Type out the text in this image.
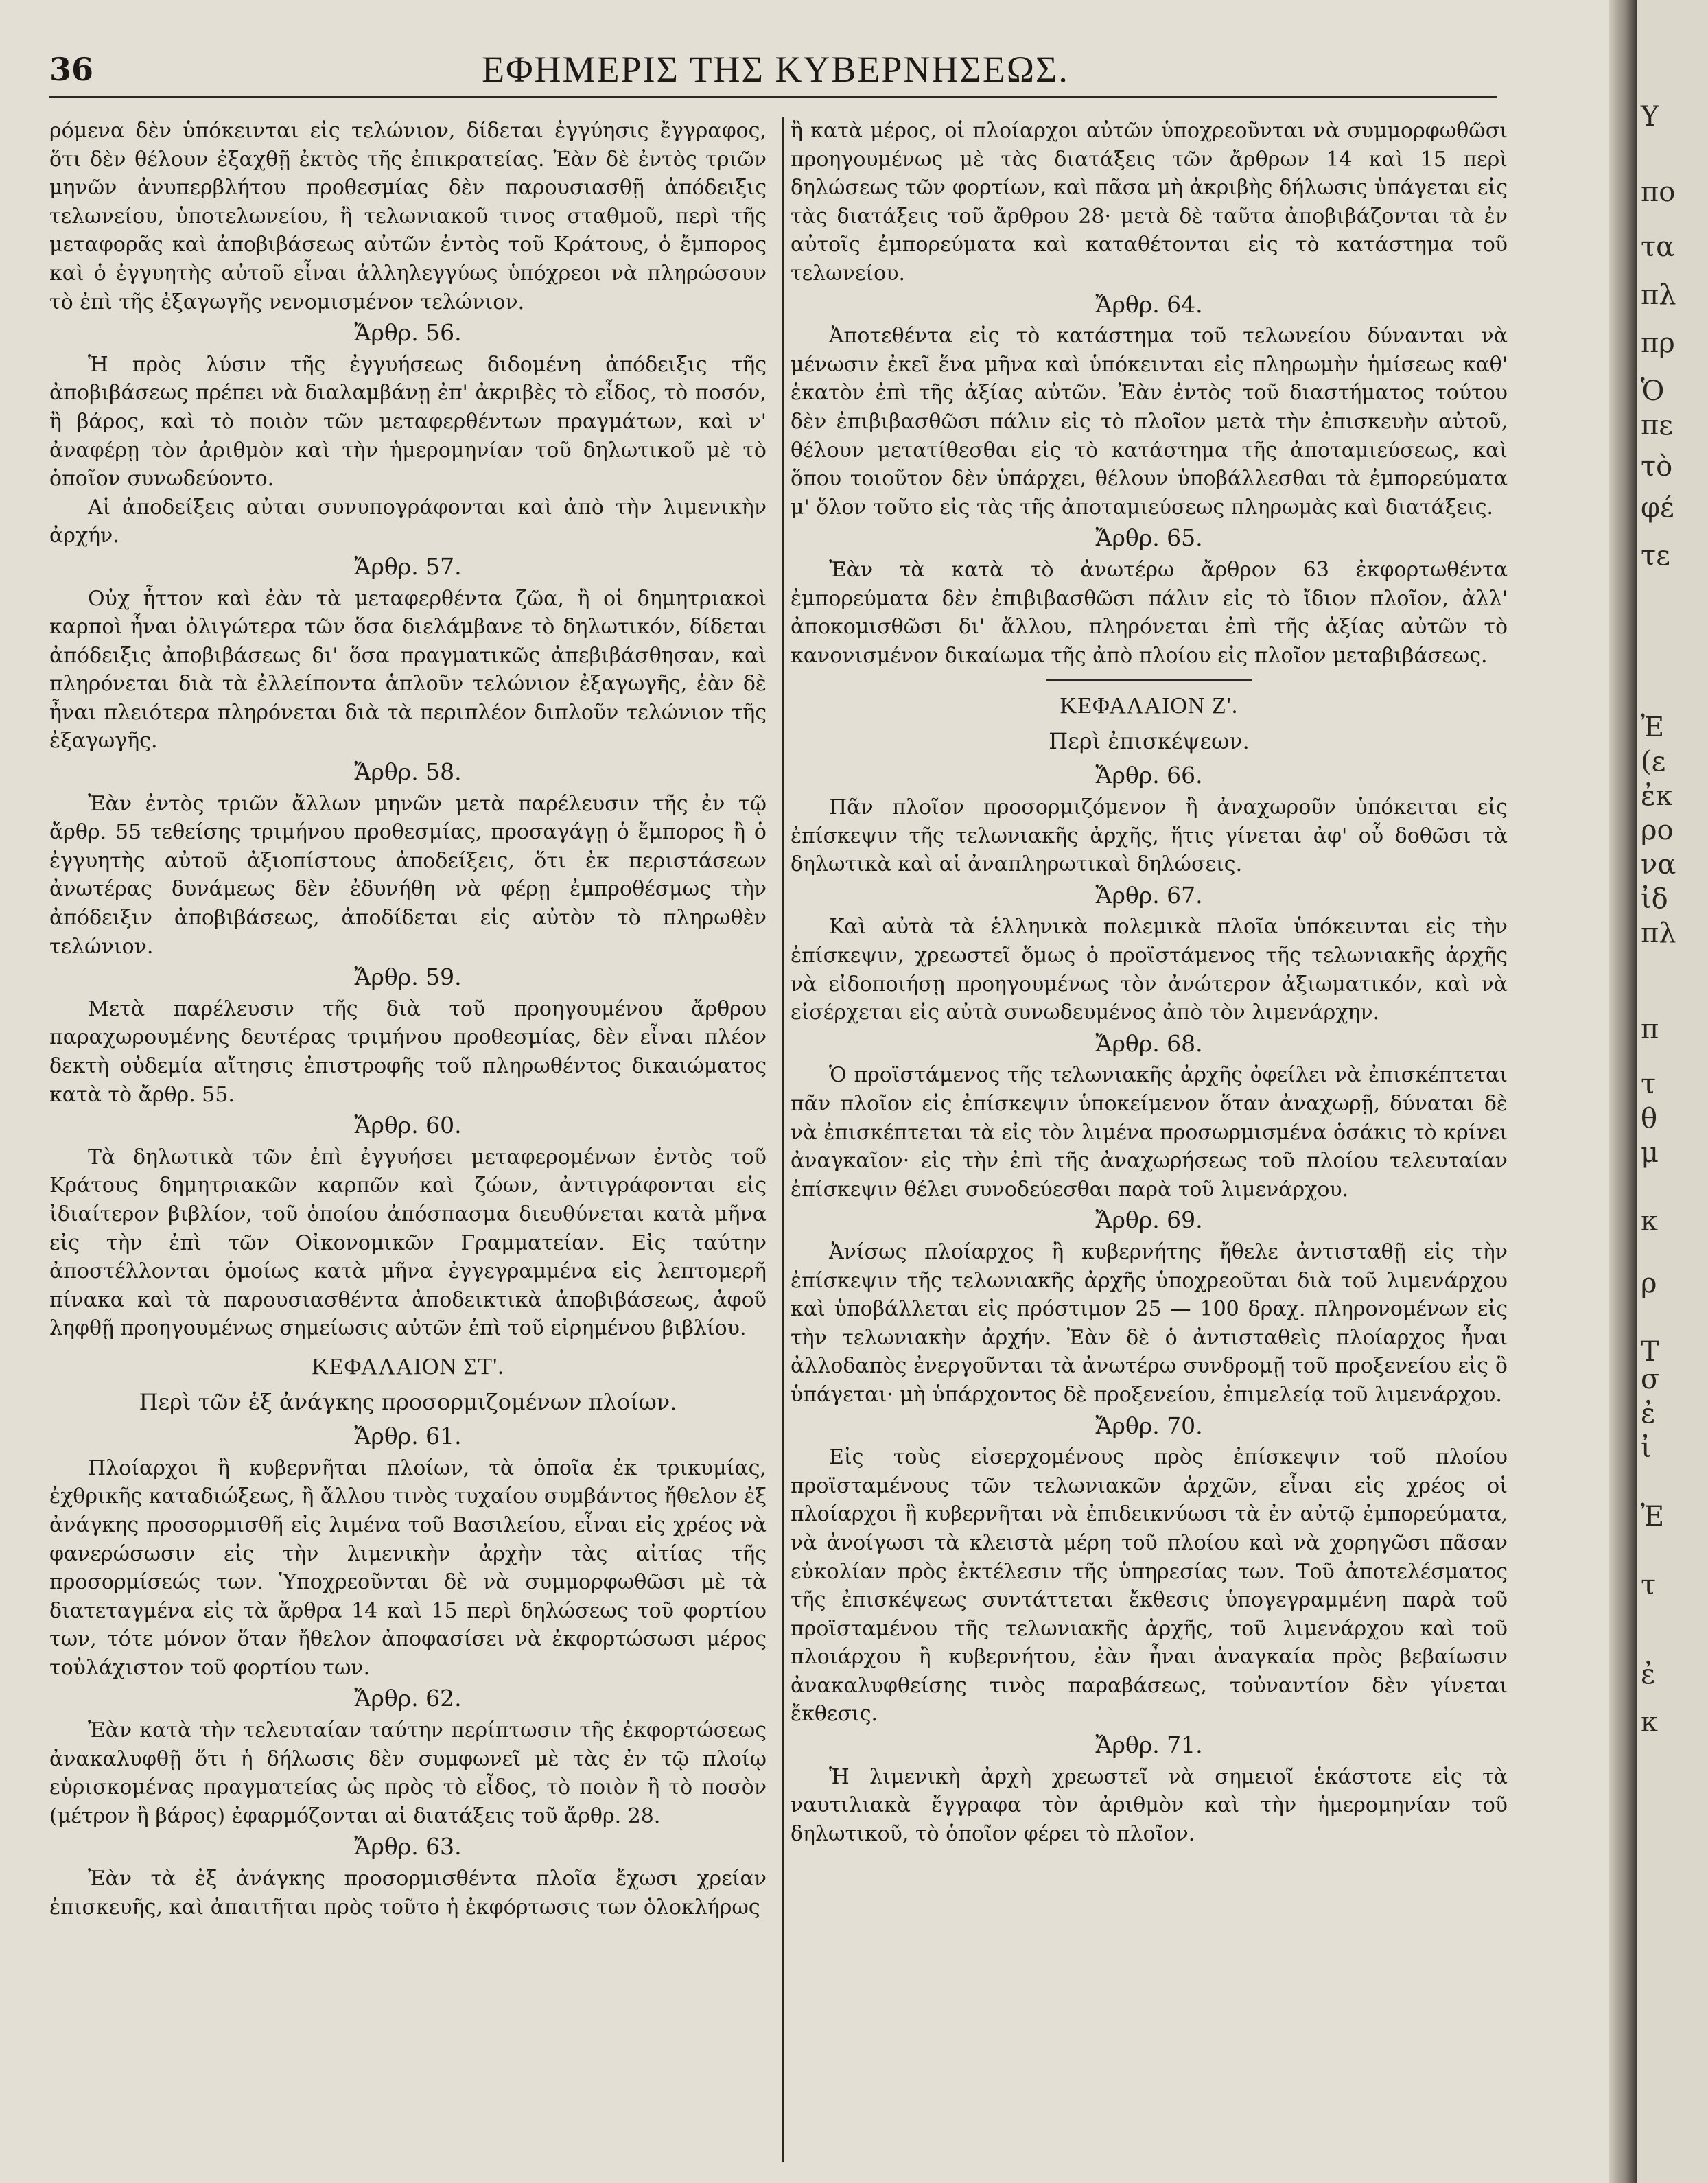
36	ΕΦΗΜΕΡΙΣ ΤΗΣ ΚΥΒΕΡΝΗΣΕΩΣ.

ρόμενα δὲν ὑπόκεινται εἰς τελώνιον, δίδεται ἐγγύησις ἔγγραφος, ὅτι δὲν θέλουν ἐξαχθῇ ἐκτὸς τῆς ἐπικρατείας. Ἐὰν δὲ ἐντὸς τριῶν μηνῶν ἀνυπερβλήτου προθεσμίας δὲν παρουσιασθῇ ἀπόδειξις τελωνείου, ὑποτελωνείου, ἢ τελωνιακοῦ τινος σταθμοῦ, περὶ τῆς μεταφορᾶς καὶ ἀποβιβάσεως αὐτῶν ἐντὸς τοῦ Κράτους, ὁ ἔμπορος καὶ ὁ ἐγγυητὴς αὐτοῦ εἶναι ἀλληλεγγύως ὑπόχρεοι νὰ πληρώσουν τὸ ἐπὶ τῆς ἐξαγωγῆς νενομισμένον τελώνιον.

Ἄρθρ. 56.

Ἡ πρὸς λύσιν τῆς ἐγγυήσεως διδομένη ἀπόδειξις τῆς ἀποβιβάσεως πρέπει νὰ διαλαμβάνῃ ἐπ' ἀκριβὲς τὸ εἶδος, τὸ ποσόν, ἢ βάρος, καὶ τὸ ποιὸν τῶν μεταφερθέντων πραγμάτων, καὶ ν' ἀναφέρῃ τὸν ἀριθμὸν καὶ τὴν ἡμερομηνίαν τοῦ δηλωτικοῦ μὲ τὸ ὁποῖον συνωδεύοντο.

Αἱ ἀποδείξεις αὐται συνυπογράφονται καὶ ἀπὸ τὴν λιμενικὴν ἀρχήν.

Ἄρθρ. 57.

Οὐχ ἧττον καὶ ἐὰν τὰ μεταφερθέντα ζῶα, ἢ οἱ δημητριακοὶ καρποὶ ἦναι ὀλιγώτερα τῶν ὅσα διελάμβανε τὸ δηλωτικόν, δίδεται ἀπόδειξις ἀποβιβάσεως δι' ὅσα πραγματικῶς ἀπεβιβάσθησαν, καὶ πληρόνεται διὰ τὰ ἐλλείποντα ἁπλοῦν τελώνιον ἐξαγωγῆς, ἐὰν δὲ ἦναι πλειότερα πληρόνεται διὰ τὰ περιπλέον διπλοῦν τελώνιον τῆς ἐξαγωγῆς.

Ἄρθρ. 58.

Ἐὰν ἐντὸς τριῶν ἄλλων μηνῶν μετὰ παρέλευσιν τῆς ἐν τῷ ἄρθρ. 55 τεθείσης τριμήνου προθεσμίας, προσαγάγῃ ὁ ἔμπορος ἢ ὁ ἐγγυητὴς αὐτοῦ ἀξιοπίστους ἀποδείξεις, ὅτι ἐκ περιστάσεων ἀνωτέρας δυνάμεως δὲν ἐδυνήθη νὰ φέρῃ ἐμπροθέσμως τὴν ἀπόδειξιν ἀποβιβάσεως, ἀποδίδεται εἰς αὐτὸν τὸ πληρωθὲν τελώνιον.

Ἄρθρ. 59.

Μετὰ παρέλευσιν τῆς διὰ τοῦ προηγουμένου ἄρθρου παραχωρουμένης δευτέρας τριμήνου προθεσμίας, δὲν εἶναι πλέον δεκτὴ οὐδεμία αἴτησις ἐπιστροφῆς τοῦ πληρωθέντος δικαιώματος κατὰ τὸ ἄρθρ. 55.

Ἄρθρ. 60.

Τὰ δηλωτικὰ τῶν ἐπὶ ἐγγυήσει μεταφερομένων ἐντὸς τοῦ Κράτους δημητριακῶν καρπῶν καὶ ζώων, ἀντιγράφονται εἰς ἰδιαίτερον βιβλίον, τοῦ ὁποίου ἀπόσπασμα διευθύνεται κατὰ μῆνα εἰς τὴν ἐπὶ τῶν Οἰκονομικῶν Γραμματείαν. Εἰς ταύτην ἀποστέλλονται ὁμοίως κατὰ μῆνα ἐγγεγραμμένα εἰς λεπτομερῆ πίνακα καὶ τὰ παρουσιασθέντα ἀποδεικτικὰ ἀποβιβάσεως, ἀφοῦ ληφθῇ προηγουμένως σημείωσις αὐτῶν ἐπὶ τοῦ εἰρημένου βιβλίου.

ΚΕΦΑΛΑΙΟΝ ΣΤ'.
Περὶ τῶν ἐξ ἀνάγκης προσορμιζομένων πλοίων.
Ἄρθρ. 61.

Πλοίαρχοι ἢ κυβερνῆται πλοίων, τὰ ὁποῖα ἐκ τρικυμίας, ἐχθρικῆς καταδιώξεως, ἢ ἄλλου τινὸς τυχαίου συμβάντος ἤθελον ἐξ ἀνάγκης προσορμισθῆ εἰς λιμένα τοῦ Βασιλείου, εἶναι εἰς χρέος νὰ φανερώσωσιν εἰς τὴν λιμενικὴν ἀρχὴν τὰς αἰτίας τῆς προσορμίσεώς των. Ὑποχρεοῦνται δὲ νὰ συμμορφωθῶσι μὲ τὰ διατεταγμένα εἰς τὰ ἄρθρα 14 καὶ 15 περὶ δηλώσεως τοῦ φορτίου των, τότε μόνον ὅταν ἤθελον ἀποφασίσει νὰ ἐκφορτώσωσι μέρος τοὐλάχιστον τοῦ φορτίου των.

Ἄρθρ. 62.

Ἐὰν κατὰ τὴν τελευταίαν ταύτην περίπτωσιν τῆς ἐκφορτώσεως ἀνακαλυφθῇ ὅτι ἡ δήλωσις δὲν συμφωνεῖ μὲ τὰς ἐν τῷ πλοίῳ εὑρισκομένας πραγματείας ὡς πρὸς τὸ εἶδος, τὸ ποιὸν ἢ τὸ ποσὸν (μέτρον ἢ βάρος) ἐφαρμόζονται αἱ διατάξεις τοῦ ἄρθρ. 28.

Ἄρθρ. 63.

Ἐὰν τὰ ἐξ ἀνάγκης προσορμισθέντα πλοῖα ἔχωσι χρείαν ἐπισκευῆς, καὶ ἀπαιτῆται πρὸς τοῦτο ἡ ἐκφόρτωσις των ὁλοκλήρως

ἢ κατὰ μέρος, οἱ πλοίαρχοι αὐτῶν ὑποχρεοῦνται νὰ συμμορφωθῶσι προηγουμένως μὲ τὰς διατάξεις τῶν ἄρθρων 14 καὶ 15 περὶ δηλώσεως τῶν φορτίων, καὶ πᾶσα μὴ ἀκριβὴς δήλωσις ὑπάγεται εἰς τὰς διατάξεις τοῦ ἄρθρου 28· μετὰ δὲ ταῦτα ἀποβιβάζονται τὰ ἐν αὐτοῖς ἐμπορεύματα καὶ καταθέτονται εἰς τὸ κατάστημα τοῦ τελωνείου.

Ἄρθρ. 64.

Ἀποτεθέντα εἰς τὸ κατάστημα τοῦ τελωνείου δύνανται νὰ μένωσιν ἐκεῖ ἕνα μῆνα καὶ ὑπόκεινται εἰς πληρωμὴν ἡμίσεως καθ' ἑκατὸν ἐπὶ τῆς ἀξίας αὐτῶν. Ἐὰν ἐντὸς τοῦ διαστήματος τούτου δὲν ἐπιβιβασθῶσι πάλιν εἰς τὸ πλοῖον μετὰ τὴν ἐπισκευὴν αὐτοῦ, θέλουν μετατίθεσθαι εἰς τὸ κατάστημα τῆς ἀποταμιεύσεως, καὶ ὅπου τοιοῦτον δὲν ὑπάρχει, θέλουν ὑποβάλλεσθαι τὰ ἐμπορεύματα μ' ὅλον τοῦτο εἰς τὰς τῆς ἀποταμιεύσεως πληρωμὰς καὶ διατάξεις.

Ἄρθρ. 65.

Ἐὰν τὰ κατὰ τὸ ἀνωτέρω ἄρθρον 63 ἐκφορτωθέντα ἐμπορεύματα δὲν ἐπιβιβασθῶσι πάλιν εἰς τὸ ἴδιον πλοῖον, ἀλλ' ἀποκομισθῶσι δι' ἄλλου, πληρόνεται ἐπὶ τῆς ἀξίας αὐτῶν τὸ κανονισμένον δικαίωμα τῆς ἀπὸ πλοίου εἰς πλοῖον μεταβιβάσεως.

ΚΕΦΑΛΑΙΟΝ Ζ'.
Περὶ ἐπισκέψεων.
Ἄρθρ. 66.

Πᾶν πλοῖον προσορμιζόμενον ἢ ἀναχωροῦν ὑπόκειται εἰς ἐπίσκεψιν τῆς τελωνιακῆς ἀρχῆς, ἥτις γίνεται ἀφ' οὗ δοθῶσι τὰ δηλωτικὰ καὶ αἱ ἀναπληρωτικαὶ δηλώσεις.

Ἄρθρ. 67.

Καὶ αὐτὰ τὰ ἑλληνικὰ πολεμικὰ πλοῖα ὑπόκεινται εἰς τὴν ἐπίσκεψιν, χρεωστεῖ ὅμως ὁ προϊστάμενος τῆς τελωνιακῆς ἀρχῆς νὰ εἰδοποιήσῃ προηγουμένως τὸν ἀνώτερον ἀξιωματικόν, καὶ νὰ εἰσέρχεται εἰς αὐτὰ συνωδευμένος ἀπὸ τὸν λιμενάρχην.

Ἄρθρ. 68.

Ὁ προϊστάμενος τῆς τελωνιακῆς ἀρχῆς ὀφείλει νὰ ἐπισκέπτεται πᾶν πλοῖον εἰς ἐπίσκεψιν ὑποκείμενον ὅταν ἀναχωρῇ, δύναται δὲ νὰ ἐπισκέπτεται τὰ εἰς τὸν λιμένα προσωρμισμένα ὁσάκις τὸ κρίνει ἀναγκαῖον· εἰς τὴν ἐπὶ τῆς ἀναχωρήσεως τοῦ πλοίου τελευταίαν ἐπίσκεψιν θέλει συνοδεύεσθαι παρὰ τοῦ λιμενάρχου.

Ἄρθρ. 69.

Ἀνίσως πλοίαρχος ἢ κυβερνήτης ἤθελε ἀντισταθῇ εἰς τὴν ἐπίσκεψιν τῆς τελωνιακῆς ἀρχῆς ὑποχρεοῦται διὰ τοῦ λιμενάρχου καὶ ὑποβάλλεται εἰς πρόστιμον 25 — 100 δραχ. πληρονομένων εἰς τὴν τελωνιακὴν ἀρχήν. Ἐὰν δὲ ὁ ἀντισταθεὶς πλοίαρχος ἦναι ἀλλοδαπὸς ἐνεργοῦνται τὰ ἀνωτέρω συνδρομῇ τοῦ προξενείου εἰς ὃ ὑπάγεται· μὴ ὑπάρχοντος δὲ προξενείου, ἐπιμελείᾳ τοῦ λιμενάρχου.

Ἄρθρ. 70.

Εἰς τοὺς εἰσερχομένους πρὸς ἐπίσκεψιν τοῦ πλοίου προϊσταμένους τῶν τελωνιακῶν ἀρχῶν, εἶναι εἰς χρέος οἱ πλοίαρχοι ἢ κυβερνῆται νὰ ἐπιδεικνύωσι τὰ ἐν αὐτῷ ἐμπορεύματα, νὰ ἀνοίγωσι τὰ κλειστὰ μέρη τοῦ πλοίου καὶ νὰ χορηγῶσι πᾶσαν εὐκολίαν πρὸς ἐκτέλεσιν τῆς ὑπηρεσίας των. Τοῦ ἀποτελέσματος τῆς ἐπισκέψεως συντάττεται ἔκθεσις ὑπογεγραμμένη παρὰ τοῦ προϊσταμένου τῆς τελωνιακῆς ἀρχῆς, τοῦ λιμενάρχου καὶ τοῦ πλοιάρχου ἢ κυβερνήτου, ἐὰν ἦναι ἀναγκαία πρὸς βεβαίωσιν ἀνακαλυφθείσης τινὸς παραβάσεως, τοὐναντίον δὲν γίνεται ἔκθεσις.

Ἄρθρ. 71.

Ἡ λιμενικὴ ἀρχὴ χρεωστεῖ νὰ σημειοῖ ἑκάστοτε εἰς τὰ ναυτιλιακὰ ἔγγραφα τὸν ἀριθμὸν καὶ τὴν ἡμερομηνίαν τοῦ δηλωτικοῦ, τὸ ὁποῖον φέρει τὸ πλοῖον.

Υ
πο
τα
πλ
πρ
Ὁ
πε
τὸ
φέ
τε
Ἐ
(ε
ἐκ
ρο
να
ἰδ
πλ
π
τ
θ
μ
κ
ρ
Τ
σ
ἐ
ἰ
Ἐ
τ
ἐ
κ
